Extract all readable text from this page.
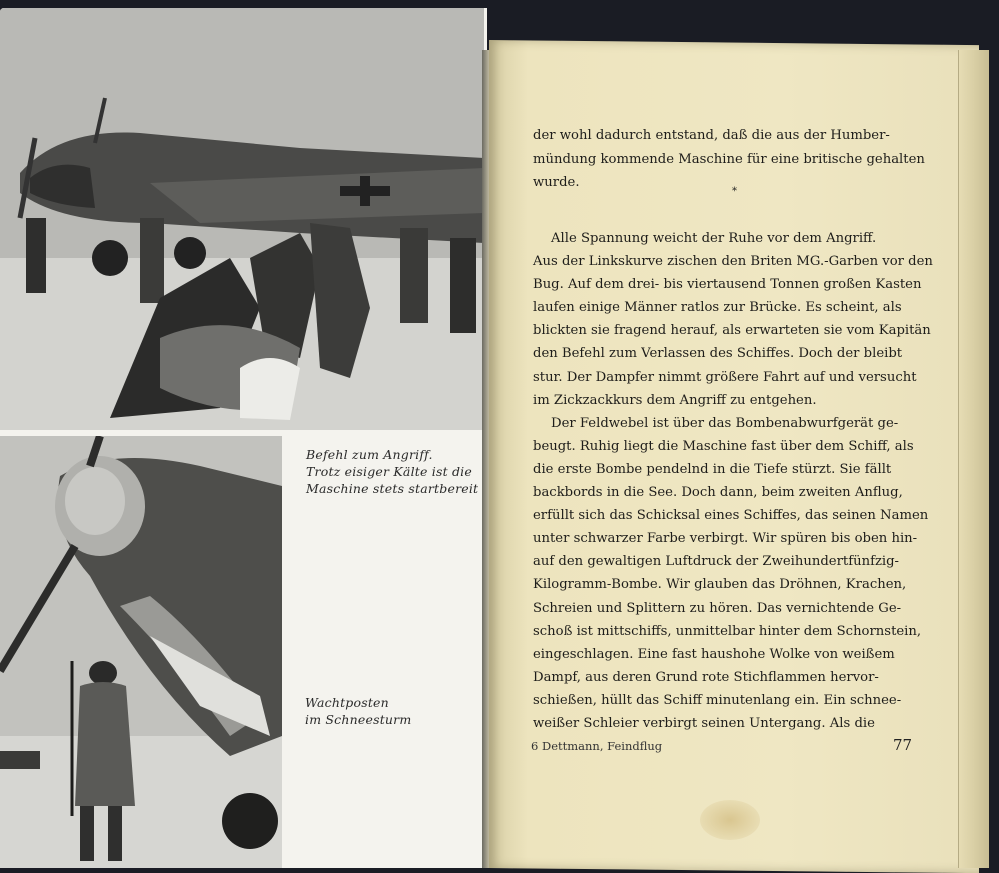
Befehl zum Angriff.
Trotz eisiger Kälte ist die
Maschine stets startbereit
Wachtposten
im Schneesturm
der wohl dadurch entstand, daß die aus der Humber-
mündung kommende Maschine für eine britische gehalten
wurde.
*
Alle Spannung weicht der Ruhe vor dem Angriff.
Aus der Linkskurve zischen den Briten MG.-Garben vor den
Bug. Auf dem drei- bis viertausend Tonnen großen Kasten
laufen einige Männer ratlos zur Brücke. Es scheint, als
blickten sie fragend herauf, als erwarteten sie vom Kapitän
den Befehl zum Verlassen des Schiffes. Doch der bleibt
stur. Der Dampfer nimmt größere Fahrt auf und versucht
im Zickzackkurs dem Angriff zu entgehen.
Der Feldwebel ist über das Bombenabwurfgerät ge-
beugt. Ruhig liegt die Maschine fast über dem Schiff, als
die erste Bombe pendelnd in die Tiefe stürzt. Sie fällt
backbords in die See. Doch dann, beim zweiten Anflug,
erfüllt sich das Schicksal eines Schiffes, das seinen Namen
unter schwarzer Farbe verbirgt. Wir spüren bis oben hin-
auf den gewaltigen Luftdruck der Zweihundertfünfzig-
Kilogramm-Bombe. Wir glauben das Dröhnen, Krachen,
Schreien und Splittern zu hören. Das vernichtende Ge-
schoß ist mittschiffs, unmittelbar hinter dem Schornstein,
eingeschlagen. Eine fast haushohe Wolke von weißem
Dampf, aus deren Grund rote Stichflammen hervor-
schießen, hüllt das Schiff minutenlang ein. Ein schnee-
weißer Schleier verbirgt seinen Untergang. Als die
6 Dettmann, Feindflug	77
